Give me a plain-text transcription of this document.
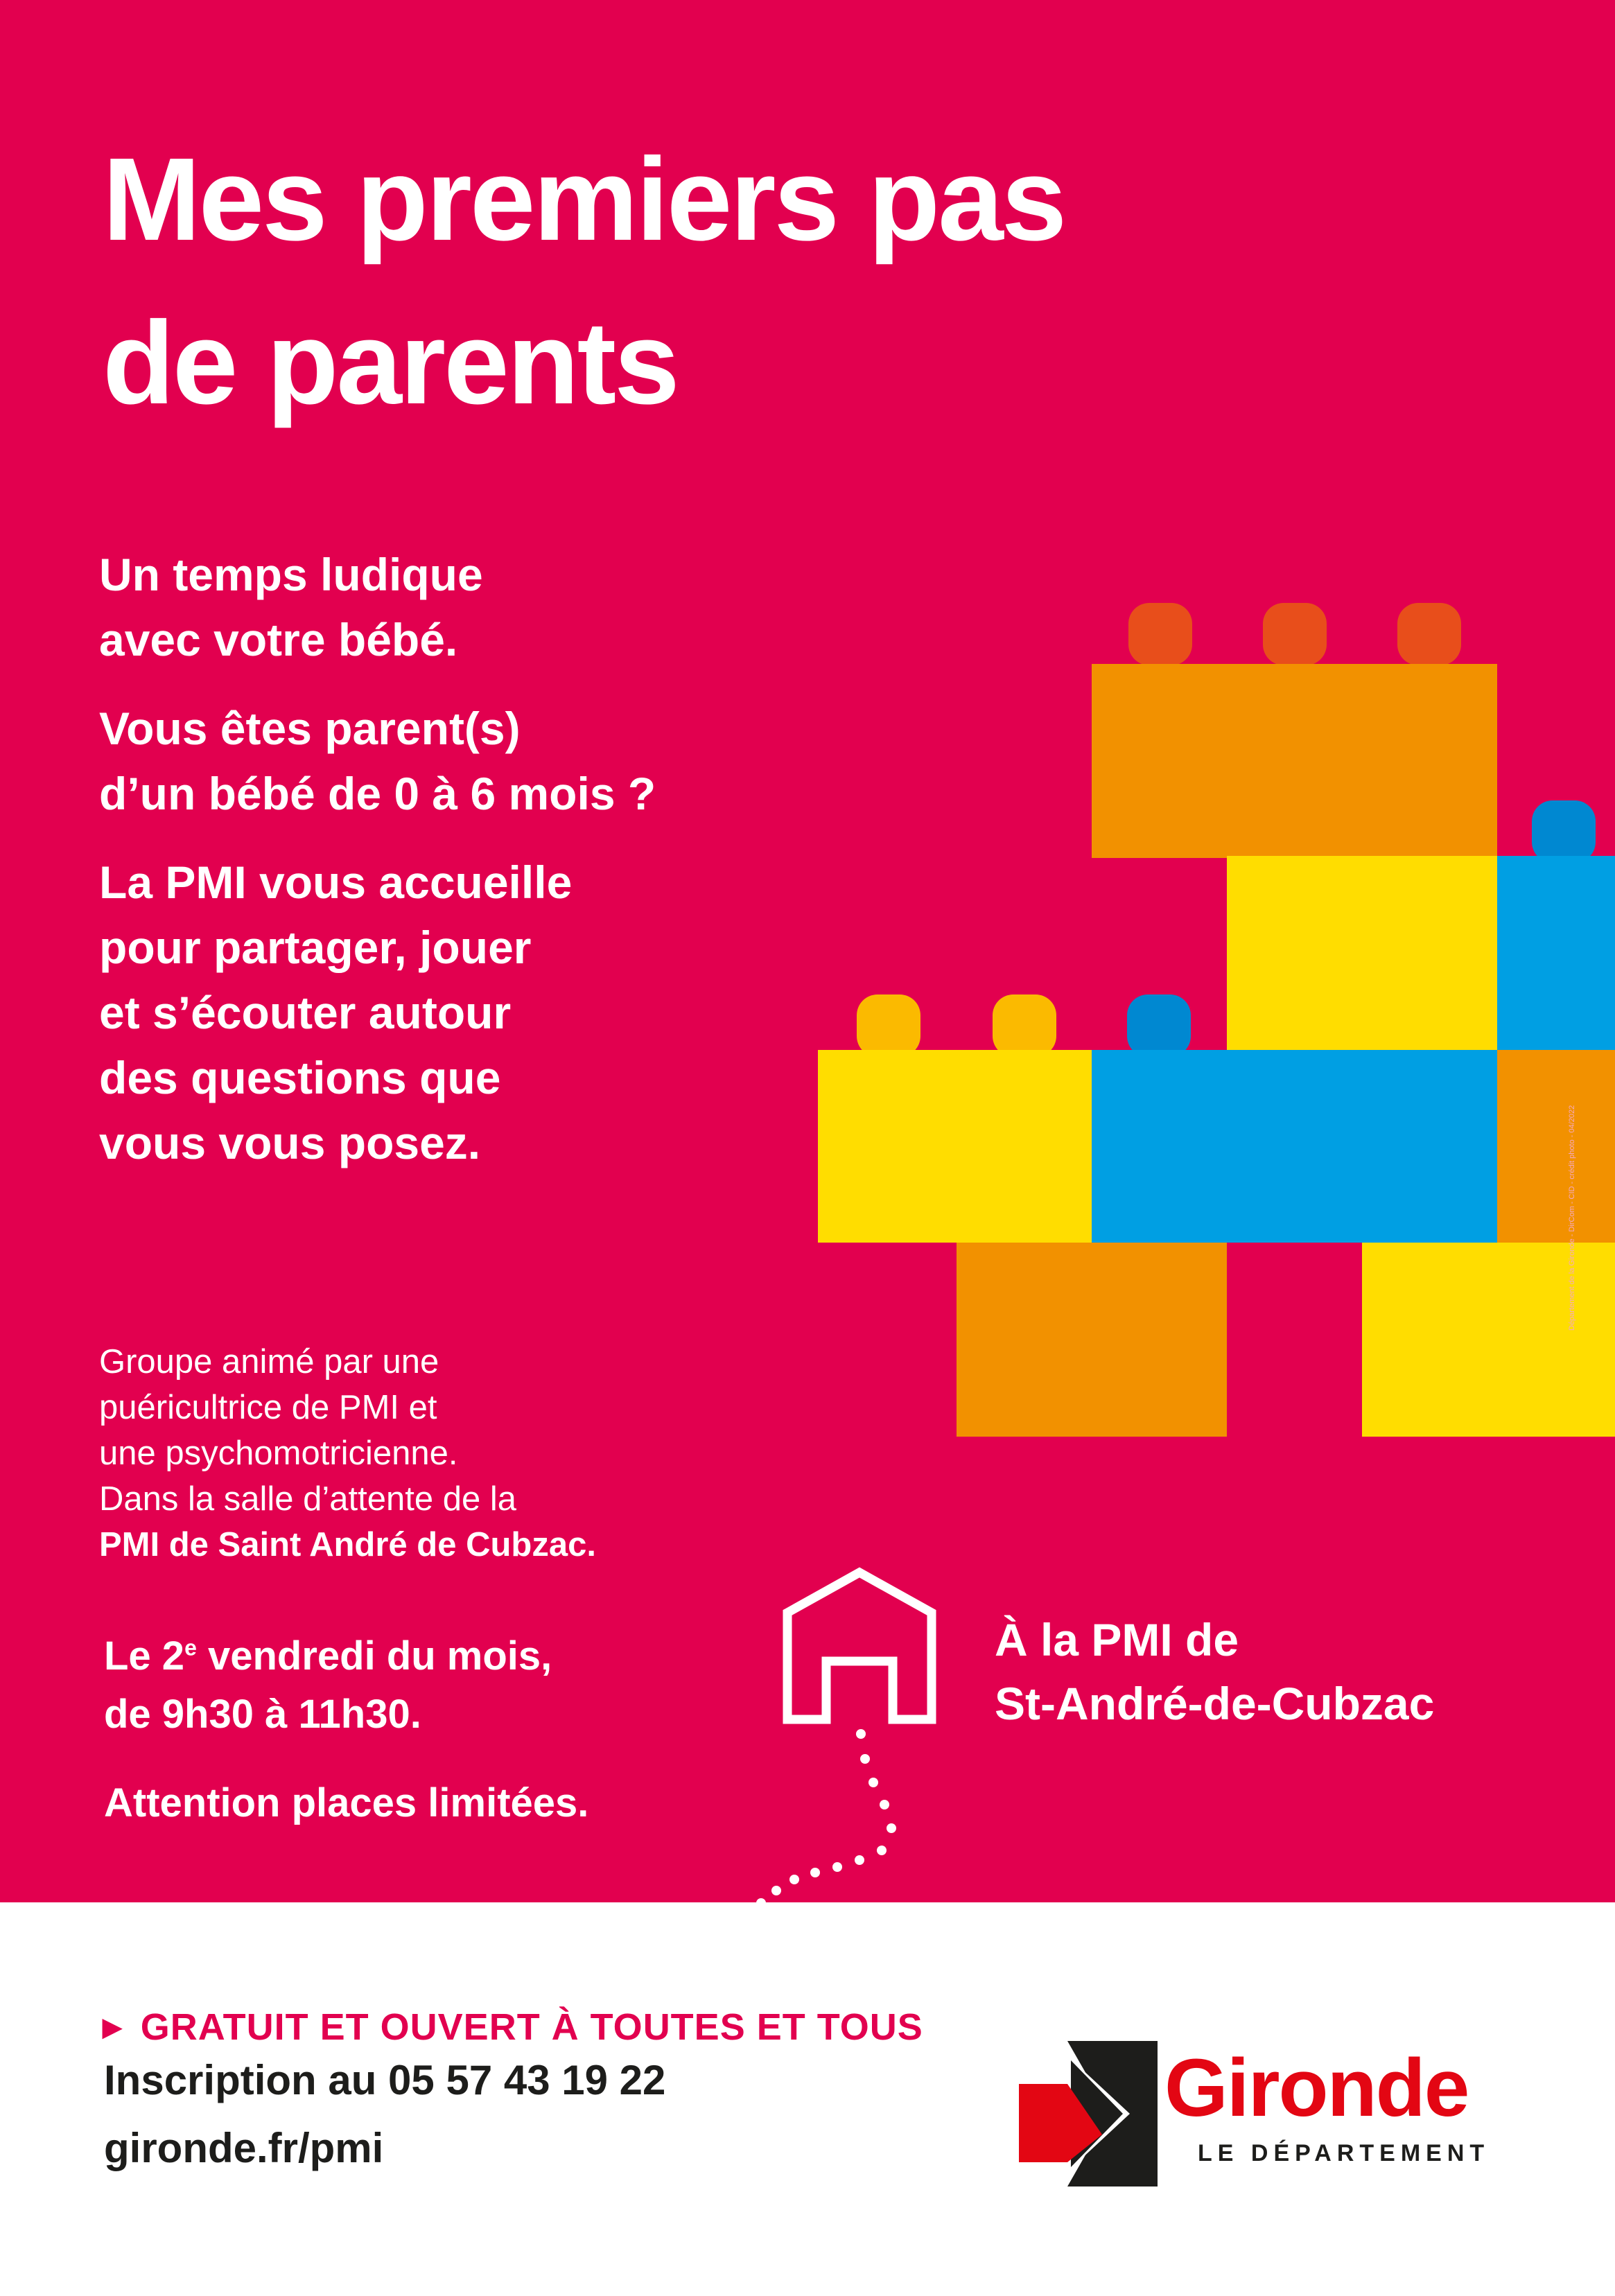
Mes premiers pas
de parents

Un temps ludique
avec votre bébé.

Vous êtes parent(s)
d’un bébé de 0 à 6 mois ?

La PMI vous accueille
pour partager, jouer
et s’écouter autour
des questions que
vous vous posez.

Groupe animé par une
puéricultrice de PMI et
une psychomotricienne.
Dans la salle d’attente de la
PMI de Saint André de Cubzac.
Le 2e vendredi du mois,
de 9h30 à 11h30.
Attention places limitées.
À la PMI de
St-André-de-Cubzac
Département de la Gironde - DirCom - CID - crédit photo - 04/2022
▶ GRATUIT ET OUVERT À TOUTES ET TOUS
Inscription au 05 57 43 19 22
gironde.fr/pmi
Gironde
LE DÉPARTEMENT
